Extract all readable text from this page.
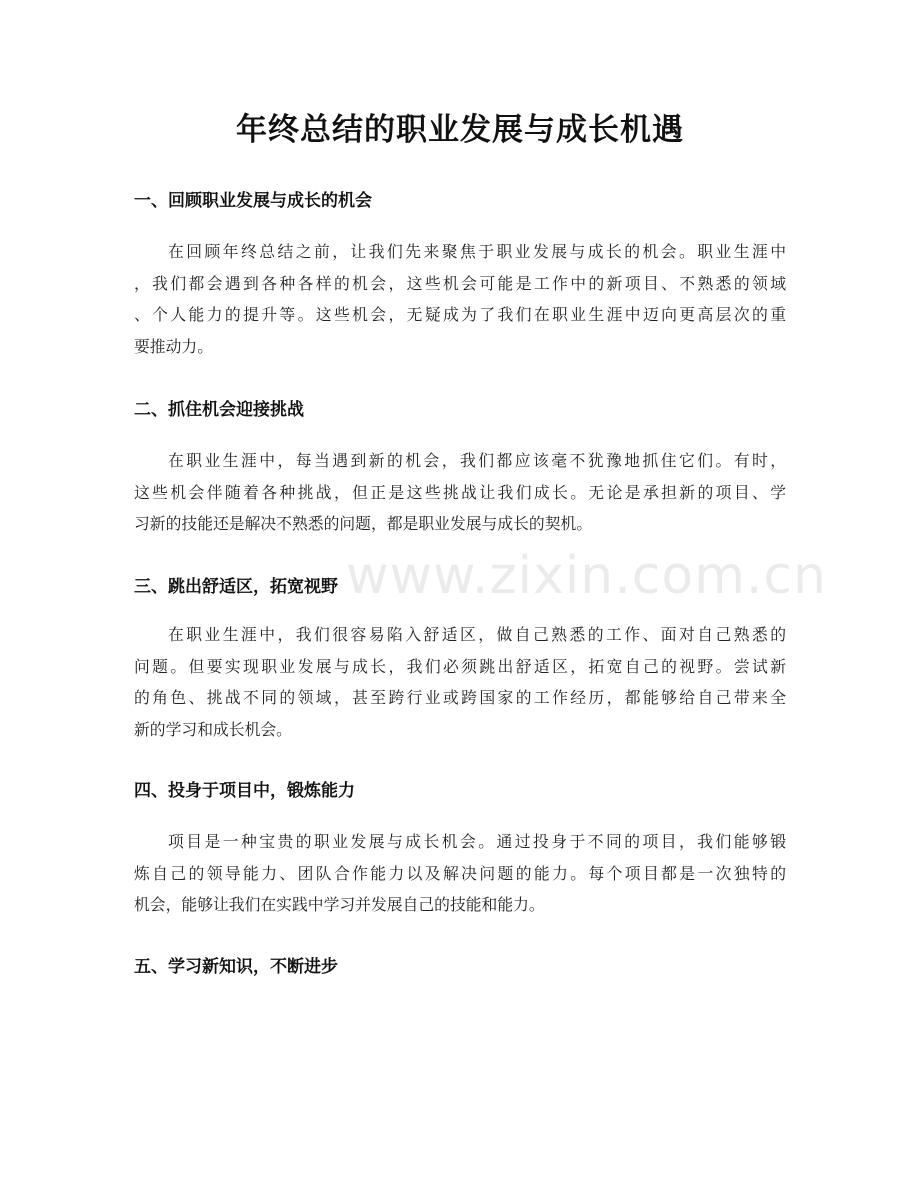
年终总结的职业发展与成长机遇
一、回顾职业发展与成长的机会

在回顾年终总结之前，让我们先来聚焦于职业发展与成长的机会。职业生涯中
，我们都会遇到各种各样的机会，这些机会可能是工作中的新项目、不熟悉的领域
、个人能力的提升等。这些机会，无疑成为了我们在职业生涯中迈向更高层次的重
要推动力。

二、抓住机会迎接挑战

在职业生涯中，每当遇到新的机会，我们都应该毫不犹豫地抓住它们。有时，
这些机会伴随着各种挑战，但正是这些挑战让我们成长。无论是承担新的项目、学
习新的技能还是解决不熟悉的问题，都是职业发展与成长的契机。

三、跳出舒适区，拓宽视野

在职业生涯中，我们很容易陷入舒适区，做自己熟悉的工作、面对自己熟悉的
问题。但要实现职业发展与成长，我们必须跳出舒适区，拓宽自己的视野。尝试新
的角色、挑战不同的领域，甚至跨行业或跨国家的工作经历，都能够给自己带来全
新的学习和成长机会。

四、投身于项目中，锻炼能力

项目是一种宝贵的职业发展与成长机会。通过投身于不同的项目，我们能够锻
炼自己的领导能力、团队合作能力以及解决问题的能力。每个项目都是一次独特的
机会，能够让我们在实践中学习并发展自己的技能和能力。

五、学习新知识，不断进步
www.zixin.com.cn
